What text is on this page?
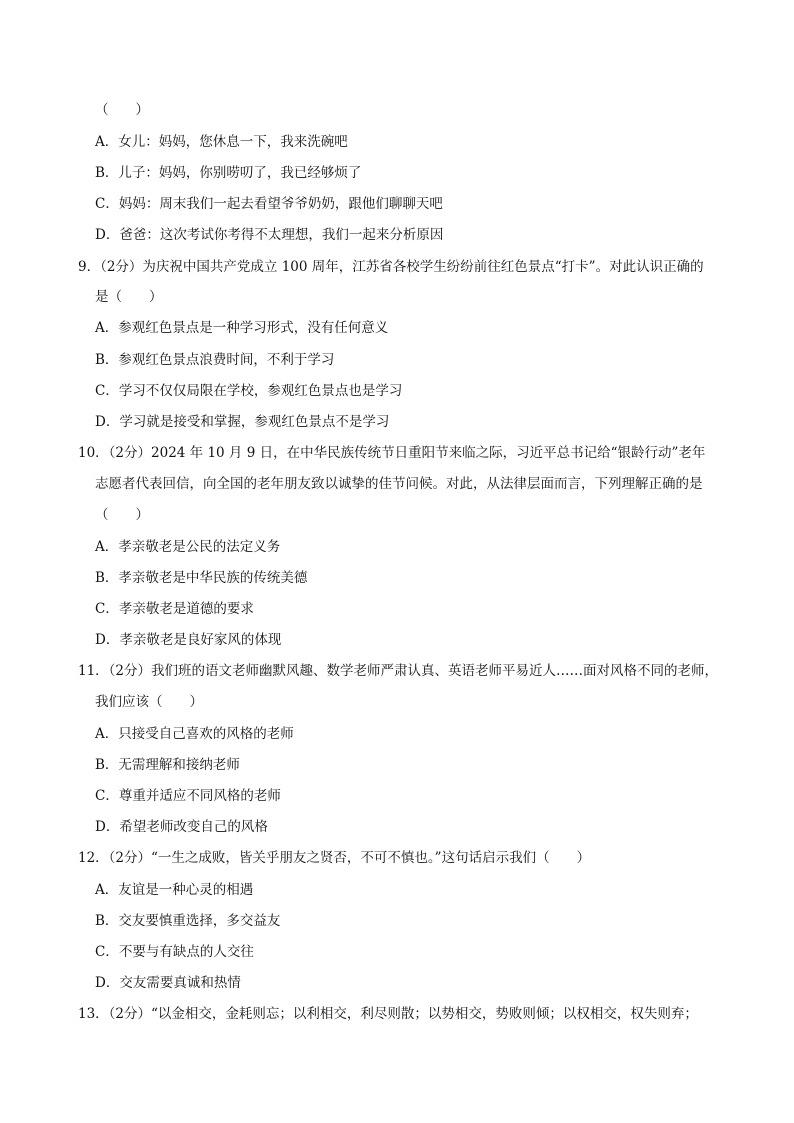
（　　）
A．女儿：妈妈，您休息一下，我来洗碗吧
B．儿子：妈妈，你别唠叨了，我已经够烦了
C．妈妈：周末我们一起去看望爷爷奶奶，跟他们聊聊天吧
D．爸爸：这次考试你考得不太理想，我们一起来分析原因
9．（2分）为庆祝中国共产党成立 100 周年，江苏省各校学生纷纷前往红色景点“打卡”。对此认识正确的
是（　　）
A．参观红色景点是一种学习形式，没有任何意义
B．参观红色景点浪费时间，不利于学习
C．学习不仅仅局限在学校，参观红色景点也是学习
D．学习就是接受和掌握，参观红色景点不是学习
10．（2分）2024 年 10 月 9 日，在中华民族传统节日重阳节来临之际，习近平总书记给“银龄行动”老年
志愿者代表回信，向全国的老年朋友致以诚挚的佳节问候。对此，从法律层面而言，下列理解正确的是
（　　）
A．孝亲敬老是公民的法定义务
B．孝亲敬老是中华民族的传统美德
C．孝亲敬老是道德的要求
D．孝亲敬老是良好家风的体现
11．（2分）我们班的语文老师幽默风趣、数学老师严肃认真、英语老师平易近人……面对风格不同的老师，
我们应该（　　）
A．只接受自己喜欢的风格的老师
B．无需理解和接纳老师
C．尊重并适应不同风格的老师
D．希望老师改变自己的风格
12．（2分）“一生之成败，皆关乎朋友之贤否，不可不慎也。”这句话启示我们（　　）
A．友谊是一种心灵的相遇
B．交友要慎重选择，多交益友
C．不要与有缺点的人交往
D．交友需要真诚和热情
13．（2分）“以金相交，金耗则忘；以利相交，利尽则散；以势相交，势败则倾；以权相交，权失则弃；
